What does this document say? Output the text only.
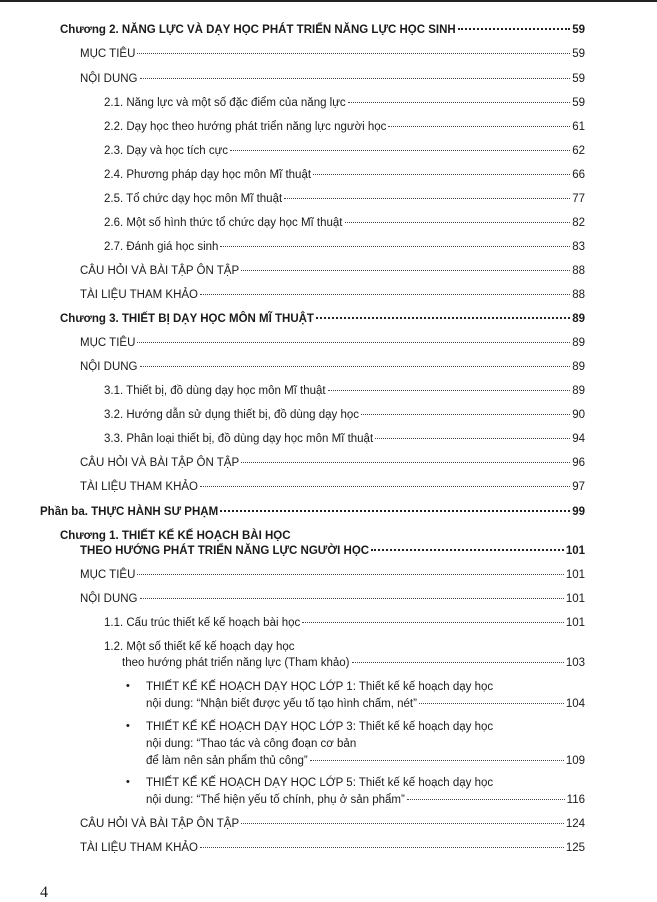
Chương 2. NĂNG LỰC VÀ DẠY HỌC PHÁT TRIỂN NĂNG LỰC HỌC SINH	59
MỤC TIÊU	59
NỘI DUNG	59
2.1. Năng lực và một số đặc điểm của năng lực	59
2.2. Dạy học theo hướng phát triển năng lực người học	61
2.3. Dạy và học tích cực	62
2.4. Phương pháp dạy học môn Mĩ thuật	66
2.5. Tổ chức dạy học môn Mĩ thuật	77
2.6. Một số hình thức tổ chức dạy học Mĩ thuật	82
2.7. Đánh giá học sinh	83
CÂU HỎI VÀ BÀI TẬP ÔN TẬP	88
TÀI LIỆU THAM KHẢO	88
Chương 3. THIẾT BỊ DẠY HỌC MÔN MĨ THUẬT	89
MỤC TIÊU	89
NỘI DUNG	89
3.1. Thiết bị, đồ dùng dạy học môn Mĩ thuật	89
3.2. Hướng dẫn sử dụng thiết bị, đồ dùng dạy học	90
3.3. Phân loại thiết bị, đồ dùng dạy học môn Mĩ thuật	94
CÂU HỎI VÀ BÀI TẬP ÔN TẬP	96
TÀI LIỆU THAM KHẢO	97
Phần ba. THỰC HÀNH SƯ PHẠM	99
Chương 1. THIẾT KẾ KẾ HOẠCH BÀI HỌC
THEO HƯỚNG PHÁT TRIỂN NĂNG LỰC NGƯỜI HỌC	101
MỤC TIÊU	101
NỘI DUNG	101
1.1. Cấu trúc thiết kế kế hoạch bài học	101
1.2. Một số thiết kế kế hoạch dạy học
theo hướng phát triển năng lực (Tham khảo)	103
• THIẾT KẾ KẾ HOẠCH DẠY HỌC LỚP 1: Thiết kế kế hoạch dạy học
nội dung: “Nhận biết được yếu tố tạo hình chấm, nét”	104
• THIẾT KẾ KẾ HOẠCH DẠY HỌC LỚP 3: Thiết kế kế hoạch dạy học
nội dung: “Thao tác và công đoạn cơ bản
để làm nên sản phẩm thủ công”	109
• THIẾT KẾ KẾ HOẠCH DẠY HỌC LỚP 5: Thiết kế kế hoạch dạy học
nội dung: “Thể hiện yếu tố chính, phụ ở sản phẩm”	116
CÂU HỎI VÀ BÀI TẬP ÔN TẬP	124
TÀI LIỆU THAM KHẢO	125
4
